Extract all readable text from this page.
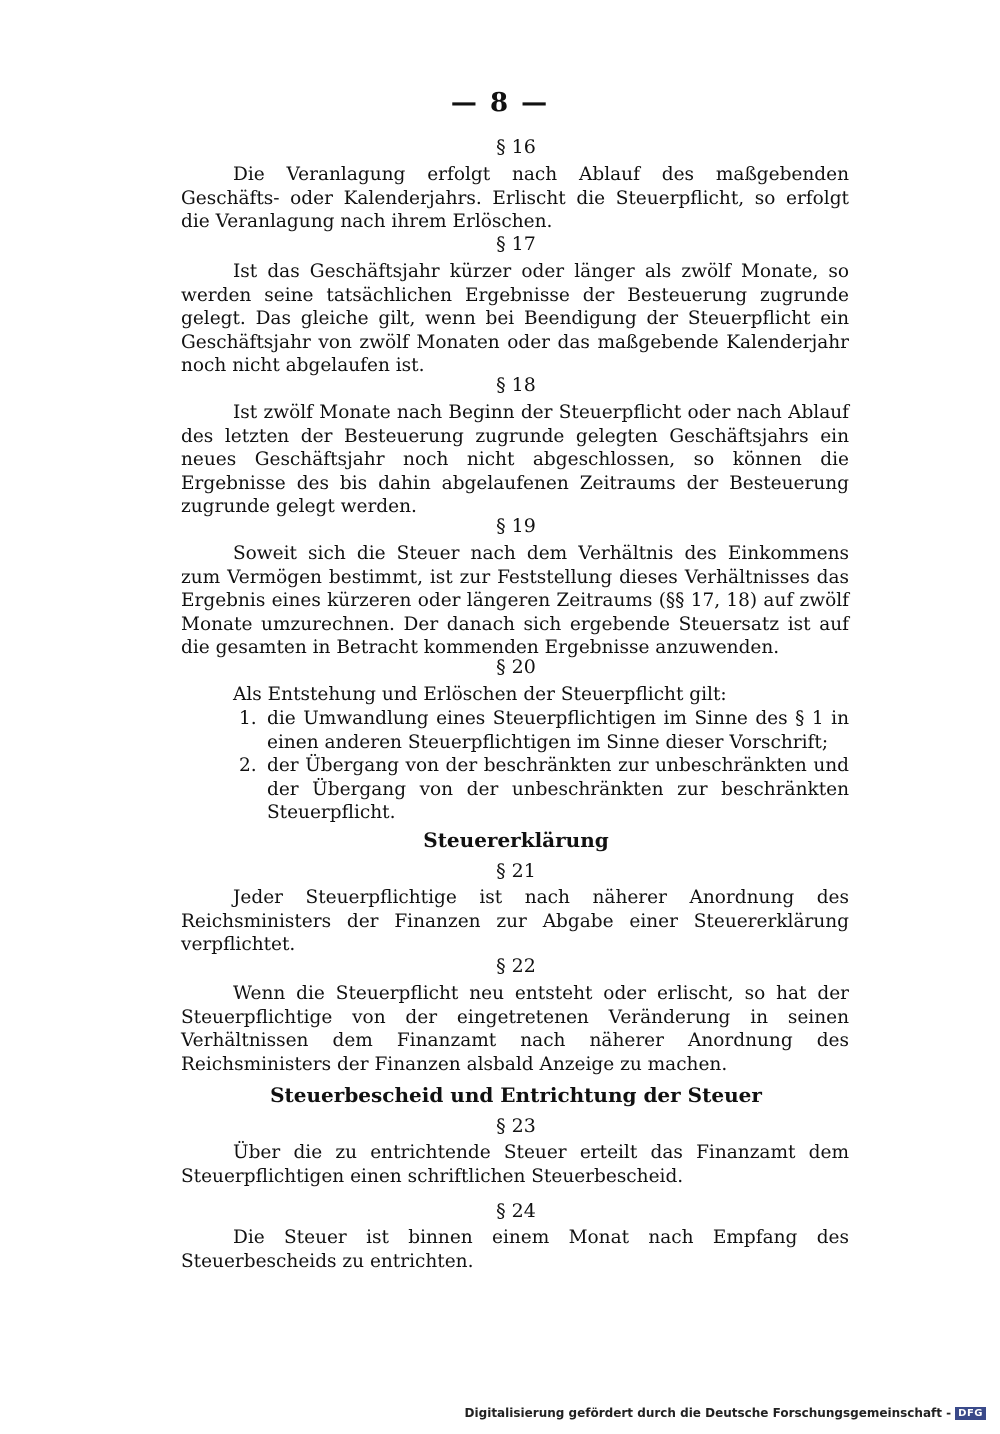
— 8 —
§ 16

Die Veranlagung erfolgt nach Ablauf des maßgebenden Geschäfts- oder Kalenderjahrs. Erlischt die Steuerpflicht, so erfolgt die Veranlagung nach ihrem Erlöschen.

§ 17

Ist das Geschäftsjahr kürzer oder länger als zwölf Monate, so werden seine tatsächlichen Ergebnisse der Besteuerung zugrunde gelegt. Das gleiche gilt, wenn bei Beendigung der Steuerpflicht ein Geschäftsjahr von zwölf Monaten oder das maßgebende Kalenderjahr noch nicht abgelaufen ist.

§ 18

Ist zwölf Monate nach Beginn der Steuerpflicht oder nach Ablauf des letzten der Besteuerung zugrunde gelegten Geschäftsjahrs ein neues Geschäftsjahr noch nicht abgeschlossen, so können die Ergebnisse des bis dahin abgelaufenen Zeitraums der Besteuerung zugrunde gelegt werden.

§ 19

Soweit sich die Steuer nach dem Verhältnis des Einkommens zum Vermögen bestimmt, ist zur Feststellung dieses Verhältnisses das Ergebnis eines kürzeren oder längeren Zeitraums (§§ 17, 18) auf zwölf Monate umzurechnen. Der danach sich ergebende Steuersatz ist auf die gesamten in Betracht kommenden Ergebnisse anzuwenden.

§ 20

Als Entstehung und Erlöschen der Steuerpflicht gilt:

1. die Umwandlung eines Steuerpflichtigen im Sinne des § 1 in einen anderen Steuerpflichtigen im Sinne dieser Vorschrift;
2. der Übergang von der beschränkten zur unbeschränkten und der Übergang von der unbeschränkten zur beschränkten Steuerpflicht.
Steuererklärung
§ 21

Jeder Steuerpflichtige ist nach näherer Anordnung des Reichsministers der Finanzen zur Abgabe einer Steuererklärung verpflichtet.

§ 22

Wenn die Steuerpflicht neu entsteht oder erlischt, so hat der Steuerpflichtige von der eingetretenen Veränderung in seinen Verhältnissen dem Finanzamt nach näherer Anordnung des Reichsministers der Finanzen alsbald Anzeige zu machen.

Steuerbescheid und Entrichtung der Steuer
§ 23

Über die zu entrichtende Steuer erteilt das Finanzamt dem Steuerpflichtigen einen schriftlichen Steuerbescheid.

§ 24

Die Steuer ist binnen einem Monat nach Empfang des Steuerbescheids zu entrichten.

Digitalisierung gefördert durch die Deutsche Forschungsgemeinschaft - DFG
